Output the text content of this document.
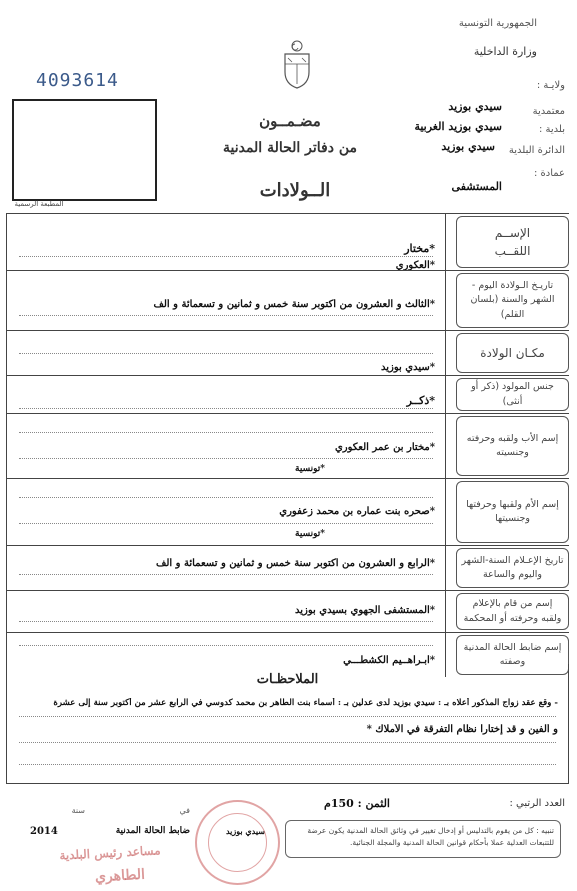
الجمهورية التونسية
وزارة الداخلية
4093614	ولايـة :
معتمدية
سيدي بوزيد
بلدية :
سيدي بوزيد الغربية
الدائرة البلدية
سيدي بوزيد
عمادة :
المستشفى
مضـمــون
من دفاتر الحالة المدنية
الــولادات
المطبعة الرسمية
مختار*
العكوري*
الإســم
اللقــب
الثالث و العشرون من أكتوبر سنة خمس و ثمانين و تسعمائة و ألف*
تاريـخ الـولادة اليوم - الشهر والسنة (بلسان القلم)
سيدي بوزيد*
مكـان الولادة
ذكــر*
جنس المولود (ذكر أو أنثى)
مختار بن عمر العكوري*
تونسية*
إسم الأب ولقبه وحرفته وجنسيته
صحره بنت عماره بن محمد زعفوري*
تونسية*
إسم الأم ولقبها وحرفتها وجنسيتها
الرابع و العشرون من أكتوبر سنة خمس و ثمانين و تسعمائة و ألف*	تاريخ الإعـلام السنة-الشهر واليوم والساعة
المستشفى الجهوي بسيدي بوزيد*
إسم من قام بالإعلام ولقبه وحرفته أو المحكمة
ابـراهــيم الكشطـــي*
إسم ضابط الحالة المدنية وصفته
الملاحظـات
- وقع عقد زواج المذكور أعلاه بـ : سيدي بوزيد لدى عدلين بـ : أسماء بنت الطاهر بن محمد كدوسي في الرابع عشر من أكتوبر سنة إلى عشرة
و ألفين و قد إختارا نظام التفرقة في الأملاك *
العدد الرتبي :
الثمن : 150م
في
سنة
سيدي بوزيد
ضابط الحالة المدنية
2014	تنبيه : كل من يقوم بالتدليس أو إدخال تغيير في وثائق الحالة المدنية يكون عرضة للتتبعات العدلية عملا بأحكام قوانين الحالة المدنية والمجلة الجنائية.
مساعد رئيس البلدية
الطاهري
